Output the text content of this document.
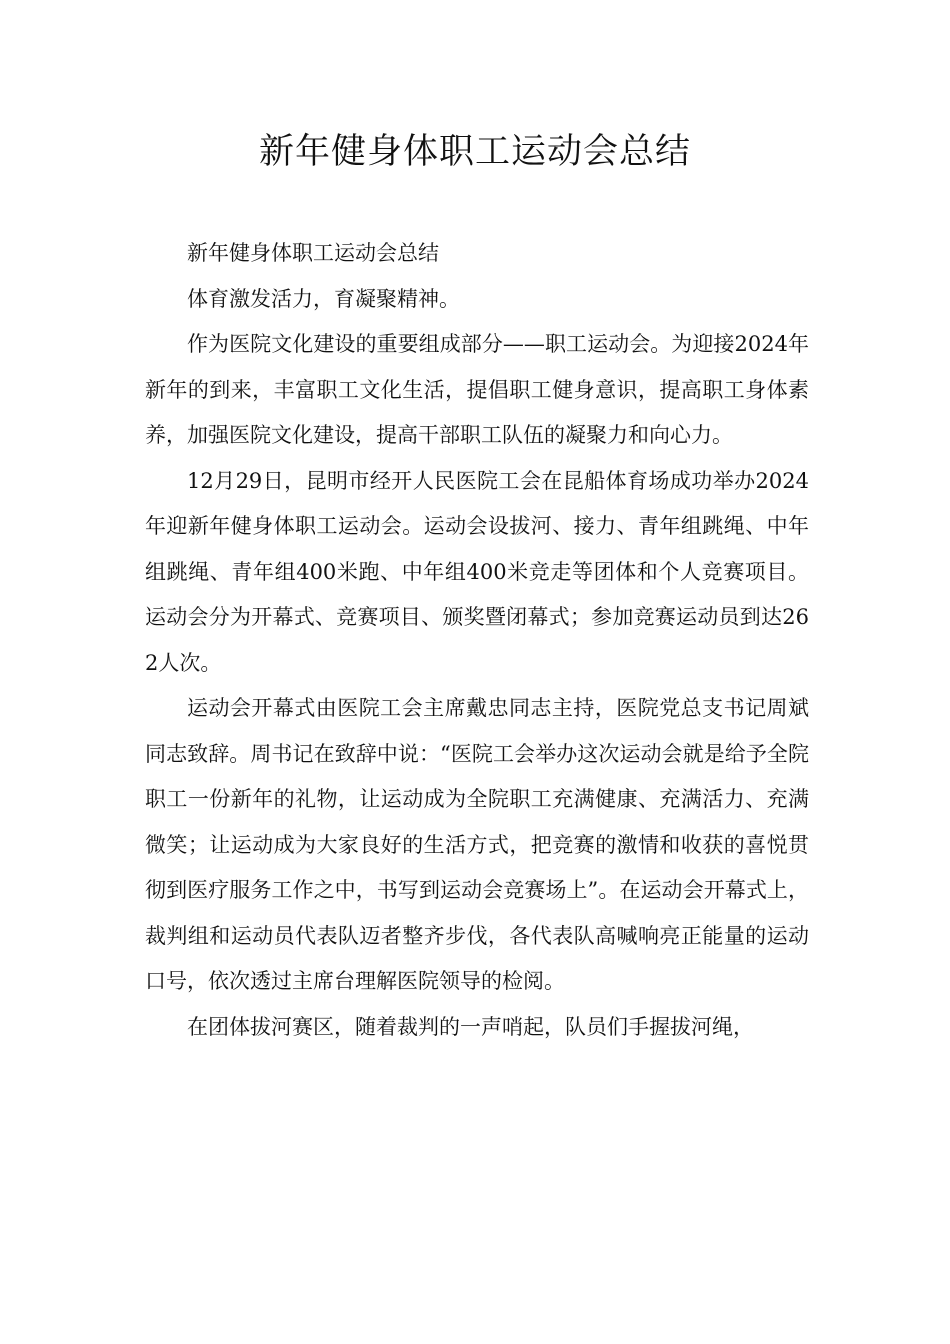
新年健身体职工运动会总结

新年健身体职工运动会总结

体育激发活力，育凝聚精神。

作为医院文化建设的重要组成部分——职工运动会。为迎接2024年新年的到来，丰富职工文化生活，提倡职工健身意识，提高职工身体素养，加强医院文化建设，提高干部职工队伍的凝聚力和向心力。

12月29日，昆明市经开人民医院工会在昆船体育场成功举办2024年迎新年健身体职工运动会。运动会设拔河、接力、青年组跳绳、中年组跳绳、青年组400米跑、中年组400米竞走等团体和个人竞赛项目。运动会分为开幕式、竞赛项目、颁奖暨闭幕式；参加竞赛运动员到达262人次。

运动会开幕式由医院工会主席戴忠同志主持，医院党总支书记周斌同志致辞。周书记在致辞中说：“医院工会举办这次运动会就是给予全院职工一份新年的礼物，让运动成为全院职工充满健康、充满活力、充满微笑；让运动成为大家良好的生活方式，把竞赛的激情和收获的喜悦贯彻到医疗服务工作之中，书写到运动会竞赛场上”。在运动会开幕式上，裁判组和运动员代表队迈者整齐步伐，各代表队高喊响亮正能量的运动口号，依次透过主席台理解医院领导的检阅。

在团体拔河赛区，随着裁判的一声哨起，队员们手握拔河绳，
